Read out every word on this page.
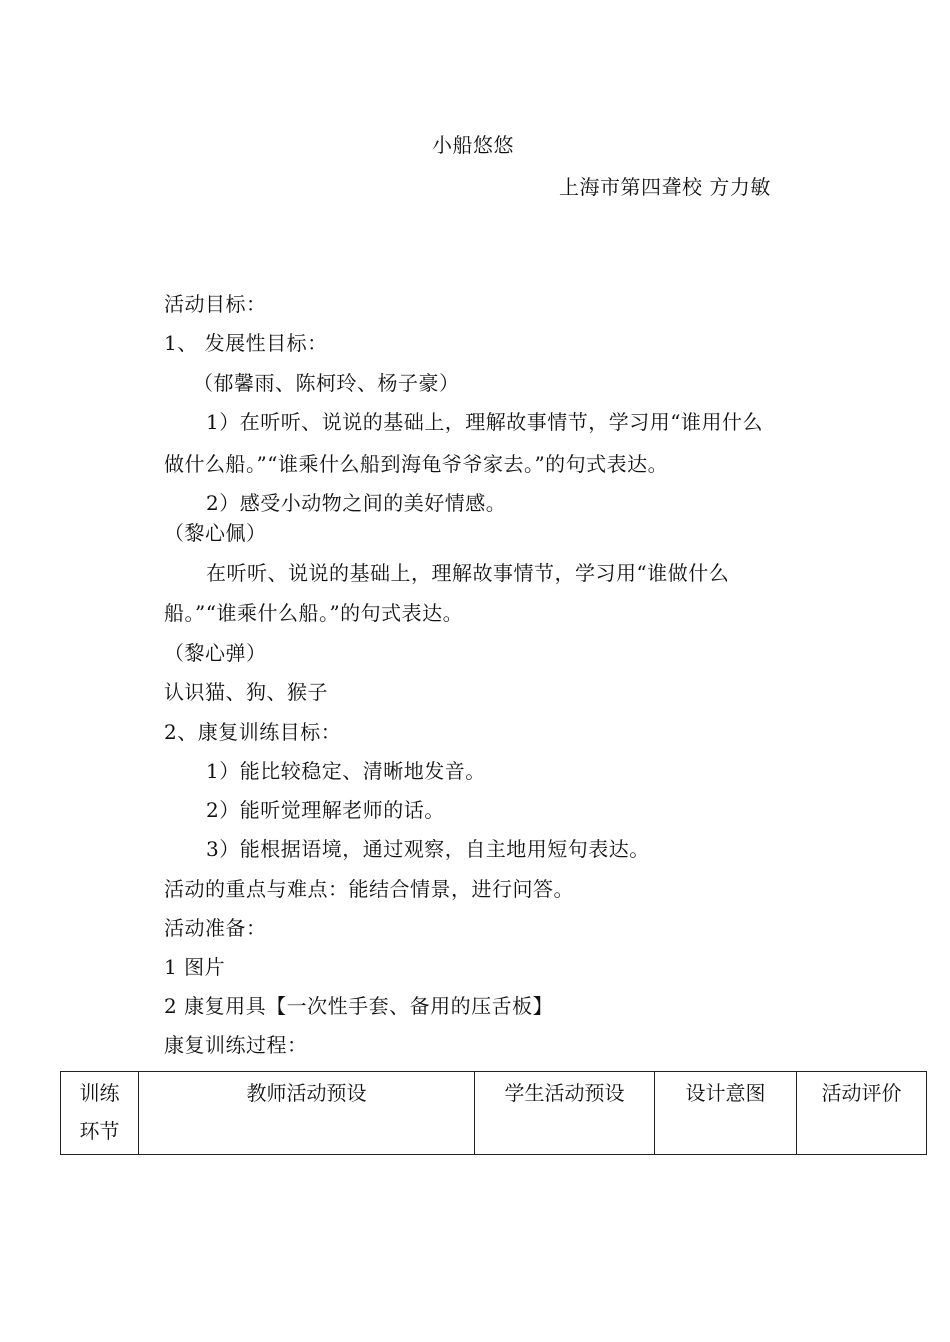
小船悠悠
上海市第四聋校 方力敏
活动目标：
1、 发展性目标：
（郁馨雨、陈柯玲、杨子豪）
1）在听听、说说的基础上，理解故事情节，学习用“谁用什么
做什么船。”“谁乘什么船到海龟爷爷家去。”的句式表达。
2）感受小动物之间的美好情感。
（黎心佩）
在听听、说说的基础上，理解故事情节，学习用“谁做什么
船。”“谁乘什么船。”的句式表达。
（黎心弹）
认识猫、狗、猴子
2、康复训练目标：
1）能比较稳定、清晰地发音。
2）能听觉理解老师的话。
3）能根据语境，通过观察，自主地用短句表达。
活动的重点与难点：能结合情景，进行问答。
活动准备：
1 图片
2 康复用具【一次性手套、备用的压舌板】
康复训练过程：
训练环节	教师活动预设	学生活动预设	设计意图	活动评价
